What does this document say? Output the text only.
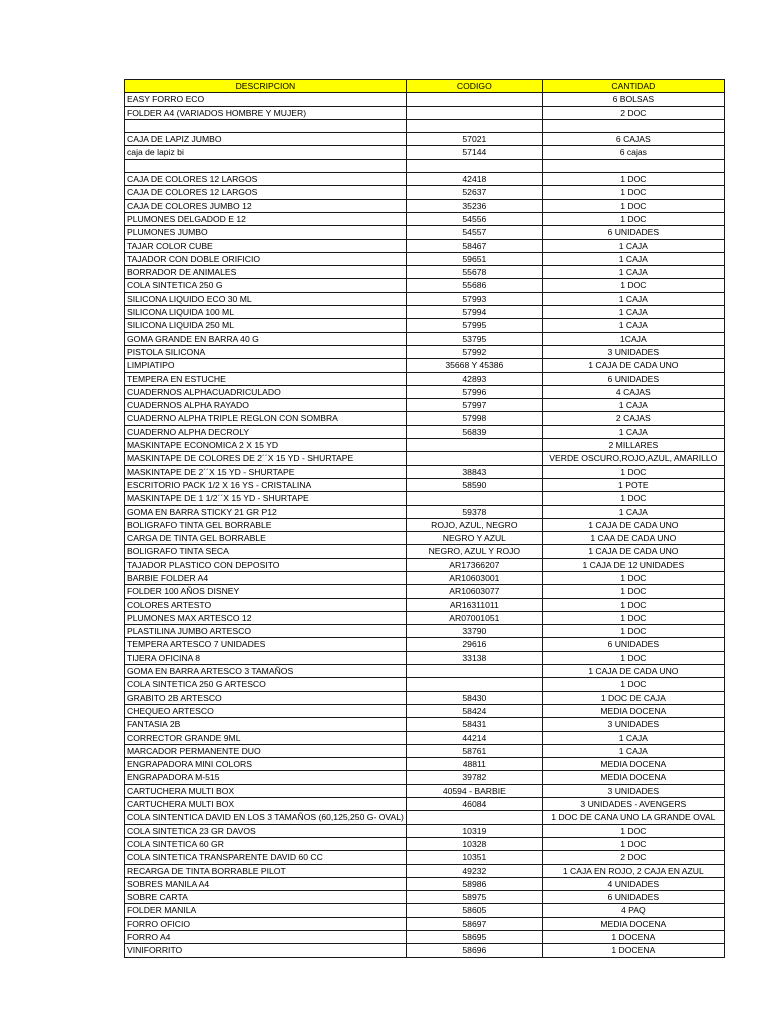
DESCRIPCION	CODIGO	CANTIDAD
EASY FORRO ECO		6 BOLSAS
FOLDER A4 (VARIADOS HOMBRE Y MUJER)		2 DOC

CAJA DE LAPIZ JUMBO	57021	6 CAJAS
caja de lapiz bi	57144	6 cajas

CAJA DE COLORES 12 LARGOS	42418	1 DOC
CAJA DE COLORES 12 LARGOS	52637	1 DOC
CAJA DE COLORES JUMBO 12	35236	1 DOC
PLUMONES DELGADOD E 12	54556	1 DOC
PLUMONES JUMBO	54557	6 UNIDADES
TAJAR COLOR CUBE	58467	1 CAJA
TAJADOR CON DOBLE ORIFICIO	59651	1 CAJA
BORRADOR DE ANIMALES	55678	1 CAJA
COLA SINTETICA 250 G	55686	1 DOC
SILICONA LIQUIDO ECO 30 ML	57993	1 CAJA
SILICONA LIQUIDA 100 ML	57994	1 CAJA
SILICONA LIQUIDA 250 ML	57995	1 CAJA
GOMA GRANDE EN BARRA 40 G	53795	1CAJA
PISTOLA SILICONA	57992	3 UNIDADES
LIMPIATIPO	35668 Y 45386	1 CAJA DE CADA UNO
TEMPERA EN ESTUCHE	42893	6 UNIDADES
CUADERNOS ALPHACUADRICULADO	57996	4 CAJAS
CUADERNOS ALPHA RAYADO	57997	1 CAJA
CUADERNO ALPHA TRIPLE REGLON CON SOMBRA	57998	2 CAJAS
CUADERNO ALPHA DECROLY	56839	1 CAJA
MASKINTAPE ECONOMICA 2 X 15 YD		2 MILLARES
MASKINTAPE DE COLORES DE 2´´X 15 YD - SHURTAPE		VERDE OSCURO,ROJO,AZUL, AMARILLO
MASKINTAPE DE 2´´X 15 YD - SHURTAPE	38843	1 DOC
ESCRITORIO PACK 1/2 X 16 YS - CRISTALINA	58590	1 POTE
MASKINTAPE DE 1 1/2´´X 15 YD - SHURTAPE		1 DOC
GOMA EN BARRA STICKY 21 GR P12	59378	1 CAJA
BOLIGRAFO TINTA GEL BORRABLE	ROJO, AZUL, NEGRO	1 CAJA DE CADA UNO
CARGA DE TINTA GEL BORRABLE	NEGRO Y AZUL	1 CAA DE CADA UNO
BOLIGRAFO TINTA SECA	NEGRO, AZUL Y ROJO	1 CAJA DE CADA UNO
TAJADOR PLASTICO CON DEPOSITO	AR17366207	1 CAJA DE 12 UNIDADES
BARBIE FOLDER A4	AR10603001	1 DOC
FOLDER 100 AÑOS DISNEY	AR10603077	1 DOC
COLORES ARTESTO	AR16311011	1 DOC
PLUMONES MAX ARTESCO 12	AR07001051	1 DOC
PLASTILINA JUMBO ARTESCO	33790	1 DOC
TEMPERA ARTESCO 7 UNIDADES	29616	6 UNIDADES
TIJERA OFICINA 8	33138	1 DOC
GOMA EN BARRA ARTESCO 3 TAMAÑOS		1 CAJA DE CADA UNO
COLA SINTETICA 250 G ARTESCO		1 DOC
GRABITO 2B ARTESCO	58430	1 DOC DE CAJA
CHEQUEO ARTESCO	58424	MEDIA DOCENA
FANTASIA 2B	58431	3 UNIDADES
CORRECTOR GRANDE 9ML	44214	1 CAJA
MARCADOR PERMANENTE DUO	58761	1 CAJA
ENGRAPADORA MINI COLORS	48811	MEDIA DOCENA
ENGRAPADORA M-515	39782	MEDIA DOCENA
CARTUCHERA MULTI BOX	40594 - BARBIE	3 UNIDADES
CARTUCHERA MULTI BOX	46084	3 UNIDADES - AVENGERS
COLA SINTENTICA DAVID EN LOS 3 TAMAÑOS (60,125,250 G- OVAL)		1 DOC DE CANA UNO LA GRANDE OVAL
COLA SINTETICA 23 GR DAVOS	10319	1 DOC
COLA SINTETICA 60 GR	10328	1 DOC
COLA SINTETICA TRANSPARENTE DAVID 60 CC	10351	2 DOC
RECARGA DE TINTA BORRABLE PILOT	49232	1 CAJA EN ROJO, 2 CAJA EN AZUL
SOBRES MANILA A4	58986	4 UNIDADES
SOBRE CARTA	58975	6 UNIDADES
FOLDER MANILA	58605	4 PAQ
FORRO OFICIO	58697	MEDIA DOCENA
FORRO A4	58695	1 DOCENA
VINIFORRITO	58696	1 DOCENA
